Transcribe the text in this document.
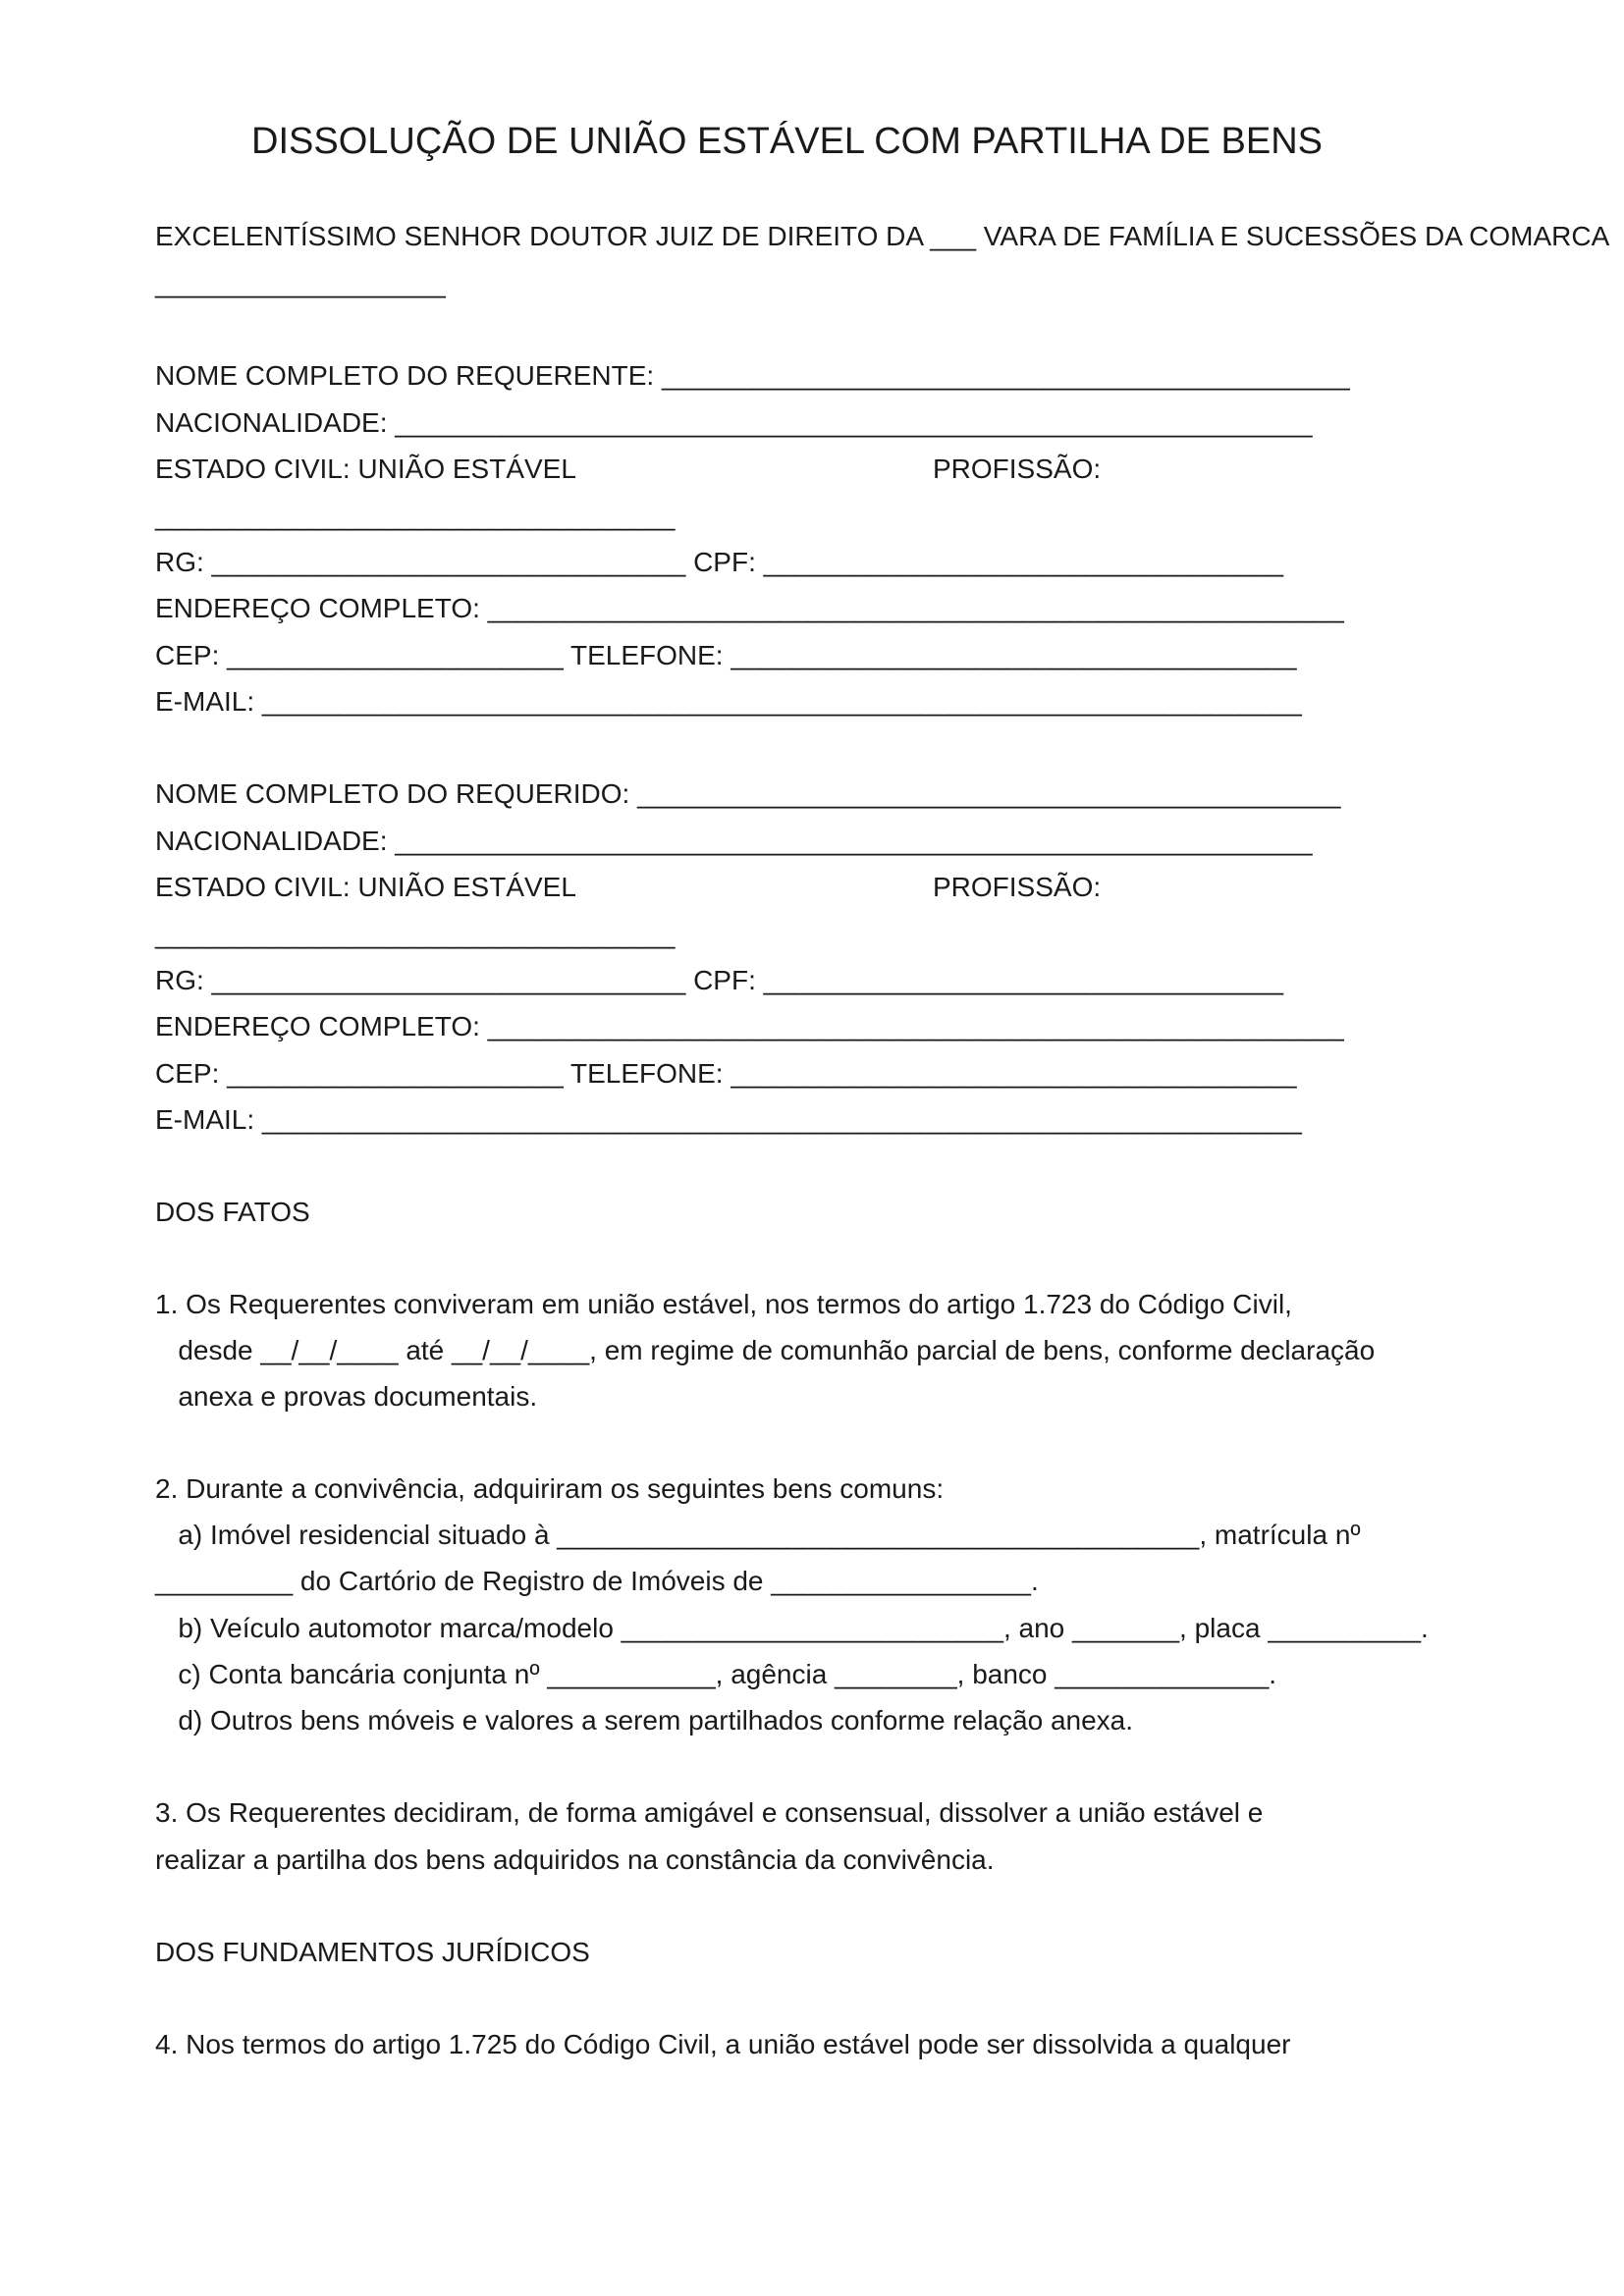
DISSOLUÇÃO DE UNIÃO ESTÁVEL COM PARTILHA DE BENS

EXCELENTÍSSIMO SENHOR DOUTOR JUIZ DE DIREITO DA ___ VARA DE FAMÍLIA E SUCESSÕES DA COMARCA

___________________

NOME COMPLETO DO REQUERENTE: _____________________________________________

NACIONALIDADE: ____________________________________________________________

ESTADO CIVIL: UNIÃO ESTÁVEL	PROFISSÃO:

__________________________________

RG: _______________________________ CPF: __________________________________

ENDEREÇO COMPLETO: ________________________________________________________

CEP: ______________________ TELEFONE: _____________________________________

E-MAIL: ____________________________________________________________________

NOME COMPLETO DO REQUERIDO: ______________________________________________

NACIONALIDADE: ____________________________________________________________

ESTADO CIVIL: UNIÃO ESTÁVEL	PROFISSÃO:

__________________________________

RG: _______________________________ CPF: __________________________________

ENDEREÇO COMPLETO: ________________________________________________________

CEP: ______________________ TELEFONE: _____________________________________

E-MAIL: ____________________________________________________________________

DOS FATOS

1. Os Requerentes conviveram em união estável, nos termos do artigo 1.723 do Código Civil,

desde __/__/____ até __/__/____, em regime de comunhão parcial de bens, conforme declaração

anexa e provas documentais.

2. Durante a convivência, adquiriram os seguintes bens comuns:

a) Imóvel residencial situado à __________________________________________, matrícula nº

_________ do Cartório de Registro de Imóveis de _________________.

b) Veículo automotor marca/modelo _________________________, ano _______, placa __________.

c) Conta bancária conjunta nº ___________, agência ________, banco ______________.

d) Outros bens móveis e valores a serem partilhados conforme relação anexa.

3. Os Requerentes decidiram, de forma amigável e consensual, dissolver a união estável e

realizar a partilha dos bens adquiridos na constância da convivência.

DOS FUNDAMENTOS JURÍDICOS

4. Nos termos do artigo 1.725 do Código Civil, a união estável pode ser dissolvida a qualquer
